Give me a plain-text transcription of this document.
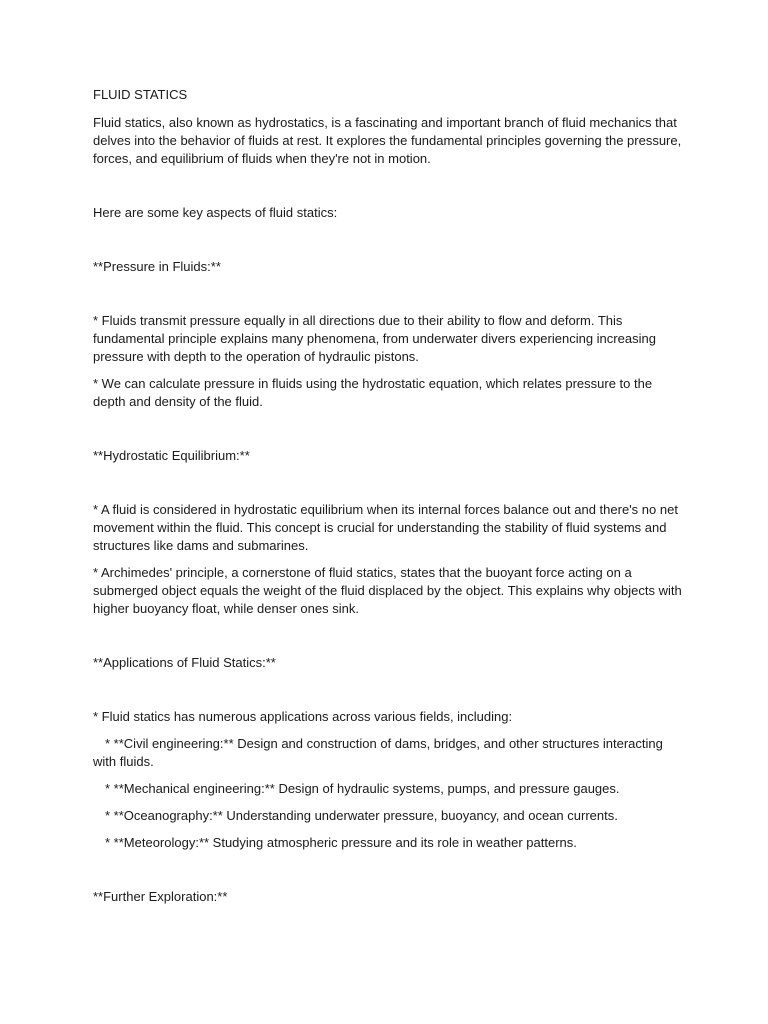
FLUID STATICS

Fluid statics, also known as hydrostatics, is a fascinating and important branch of fluid mechanics that delves into the behavior of fluids at rest. It explores the fundamental principles governing the pressure, forces, and equilibrium of fluids when they're not in motion.

Here are some key aspects of fluid statics:

**Pressure in Fluids:**

* Fluids transmit pressure equally in all directions due to their ability to flow and deform. This fundamental principle explains many phenomena, from underwater divers experiencing increasing pressure with depth to the operation of hydraulic pistons.

* We can calculate pressure in fluids using the hydrostatic equation, which relates pressure to the depth and density of the fluid.

**Hydrostatic Equilibrium:**

* A fluid is considered in hydrostatic equilibrium when its internal forces balance out and there's no net movement within the fluid. This concept is crucial for understanding the stability of fluid systems and structures like dams and submarines.

* Archimedes' principle, a cornerstone of fluid statics, states that the buoyant force acting on a submerged object equals the weight of the fluid displaced by the object. This explains why objects with higher buoyancy float, while denser ones sink.

**Applications of Fluid Statics:**

* Fluid statics has numerous applications across various fields, including:

* **Civil engineering:** Design and construction of dams, bridges, and other structures interacting with fluids.

* **Mechanical engineering:** Design of hydraulic systems, pumps, and pressure gauges.

* **Oceanography:** Understanding underwater pressure, buoyancy, and ocean currents.

* **Meteorology:** Studying atmospheric pressure and its role in weather patterns.

**Further Exploration:**
